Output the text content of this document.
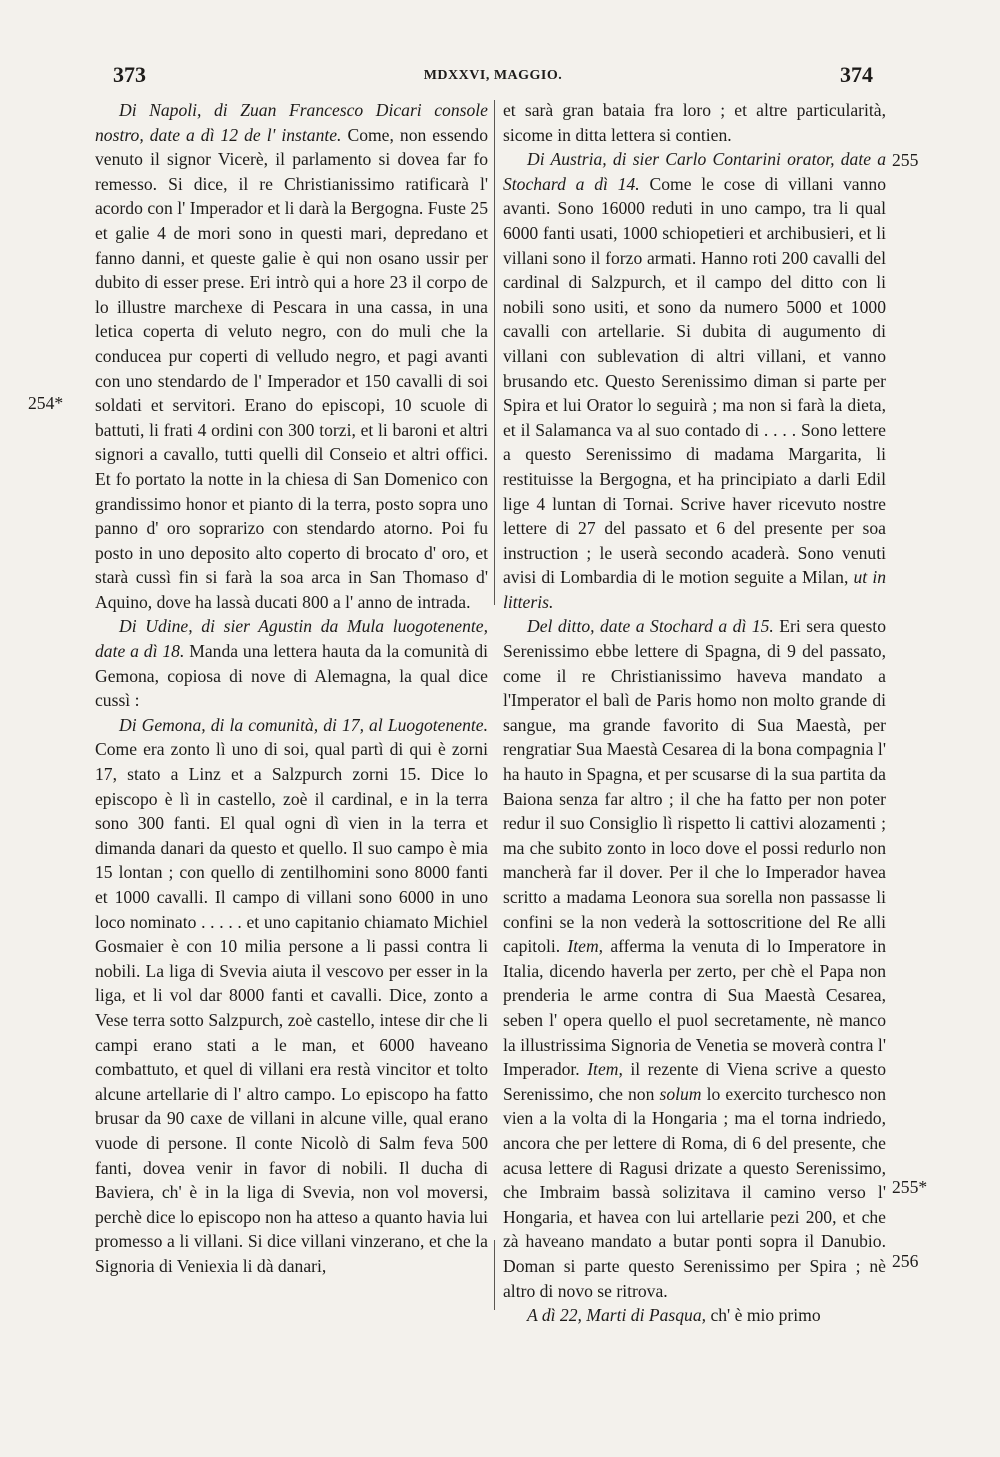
373	MDXXVI, MAGGIO.	374
254*
255
255*
256

Di Napoli, di Zuan Francesco Dicari console nostro, date a dì 12 de l' instante. Come, non essendo venuto il signor Vicerè, il parlamento si dovea far fo remesso. Si dice, il re Christianissimo ratificarà l' acordo con l' Imperador et li darà la Bergogna. Fuste 25 et galie 4 de mori sono in questi mari, depredano et fanno danni, et queste galie è qui non osano ussir per dubito di esser prese. Eri intrò qui a hore 23 il corpo de lo illustre marchexe di Pescara in una cassa, in una letica coperta di veluto negro, con do muli che la conducea pur coperti di velludo negro, et pagi avanti con uno stendardo de l' Imperador et 150 cavalli di soi soldati et servitori. Erano do episcopi, 10 scuole di battuti, li frati 4 ordini con 300 torzi, et li baroni et altri signori a cavallo, tutti quelli dil Conseio et altri offici. Et fo portato la notte in la chiesa di San Domenico con grandissimo honor et pianto di la terra, posto sopra uno panno d' oro soprarizo con stendardo atorno. Poi fu posto in uno deposito alto coperto di brocato d' oro, et starà cussì fin si farà la soa arca in San Thomaso d' Aquino, dove ha lassà ducati 800 a l' anno de intrada.

Di Udine, di sier Agustin da Mula luogotenente, date a dì 18. Manda una lettera hauta da la comunità di Gemona, copiosa di nove di Alemagna, la qual dice cussì :

Di Gemona, di la comunità, di 17, al Luogotenente. Come era zonto lì uno di soi, qual partì di qui è zorni 17, stato a Linz et a Salzpurch zorni 15. Dice lo episcopo è lì in castello, zoè il cardinal, e in la terra sono 300 fanti. El qual ogni dì vien in la terra et dimanda danari da questo et quello. Il suo campo è mia 15 lontan ; con quello di zentilhomini sono 8000 fanti et 1000 cavalli. Il campo di villani sono 6000 in uno loco nominato . . . . . et uno capitanio chiamato Michiel Gosmaier è con 10 milia persone a li passi contra li nobili. La liga di Svevia aiuta il vescovo per esser in la liga, et li vol dar 8000 fanti et cavalli. Dice, zonto a Vese terra sotto Salzpurch, zoè castello, intese dir che li campi erano stati a le man, et 6000 haveano combattuto, et quel di villani era restà vincitor et tolto alcune artellarie di l' altro campo. Lo episcopo ha fatto brusar da 90 caxe de villani in alcune ville, qual erano vuode di persone. Il conte Nicolò di Salm feva 500 fanti, dovea venir in favor di nobili. Il ducha di Baviera, ch' è in la liga di Svevia, non vol moversi, perchè dice lo episcopo non ha atteso a quanto havia lui promesso a li villani. Si dice villani vinzerano, et che la Signoria di Veniexia li dà danari,

et sarà gran bataia fra loro ; et altre particularità, sicome in ditta lettera si contien.

Di Austria, di sier Carlo Contarini orator, date a Stochard a dì 14. Come le cose di villani vanno avanti. Sono 16000 reduti in uno campo, tra li qual 6000 fanti usati, 1000 schiopetieri et archibusieri, et li villani sono il forzo armati. Hanno roti 200 cavalli del cardinal di Salzpurch, et il campo del ditto con li nobili sono usiti, et sono da numero 5000 et 1000 cavalli con artellarie. Si dubita di augumento di villani con sublevation di altri villani, et vanno brusando etc. Questo Serenissimo diman si parte per Spira et lui Orator lo seguirà ; ma non si farà la dieta, et il Salamanca va al suo contado di . . . . Sono lettere a questo Serenissimo di madama Margarita, li restituisse la Bergogna, et ha principiato a darli Edil lige 4 luntan di Tornai. Scrive haver ricevuto nostre lettere di 27 del passato et 6 del presente per soa instruction ; le userà secondo acaderà. Sono venuti avisi di Lombardia di le motion seguite a Milan, ut in litteris.

Del ditto, date a Stochard a dì 15. Eri sera questo Serenissimo ebbe lettere di Spagna, di 9 del passato, come il re Christianissimo haveva mandato a l'Imperator el balì de Paris homo non molto grande di sangue, ma grande favorito di Sua Maestà, per rengratiar Sua Maestà Cesarea di la bona compagnia l' ha hauto in Spagna, et per scusarse di la sua partita da Baiona senza far altro ; il che ha fatto per non poter redur il suo Consiglio lì rispetto li cattivi alozamenti ; ma che subito zonto in loco dove el possi redurlo non mancherà far il dover. Per il che lo Imperador havea scritto a madama Leonora sua sorella non passasse li confini se la non vederà la sottoscritione del Re alli capitoli. Item, afferma la venuta di lo Imperatore in Italia, dicendo haverla per zerto, per chè el Papa non prenderia le arme contra di Sua Maestà Cesarea, seben l' opera quello el puol secretamente, nè manco la illustrissima Signoria de Venetia se moverà contra l' Imperador. Item, il rezente di Viena scrive a questo Serenissimo, che non solum lo exercito turchesco non vien a la volta di la Hongaria ; ma el torna indriedo, ancora che per lettere di Roma, di 6 del presente, che acusa lettere di Ragusi drizate a questo Serenissimo, che Imbraim bassà solizitava il camino verso l' Hongaria, et havea con lui artellarie pezi 200, et che zà haveano mandato a butar ponti sopra il Danubio. Doman si parte questo Serenissimo per Spira ; nè altro di novo se ritrova.

A dì 22, Marti di Pasqua, ch' è mio primo
